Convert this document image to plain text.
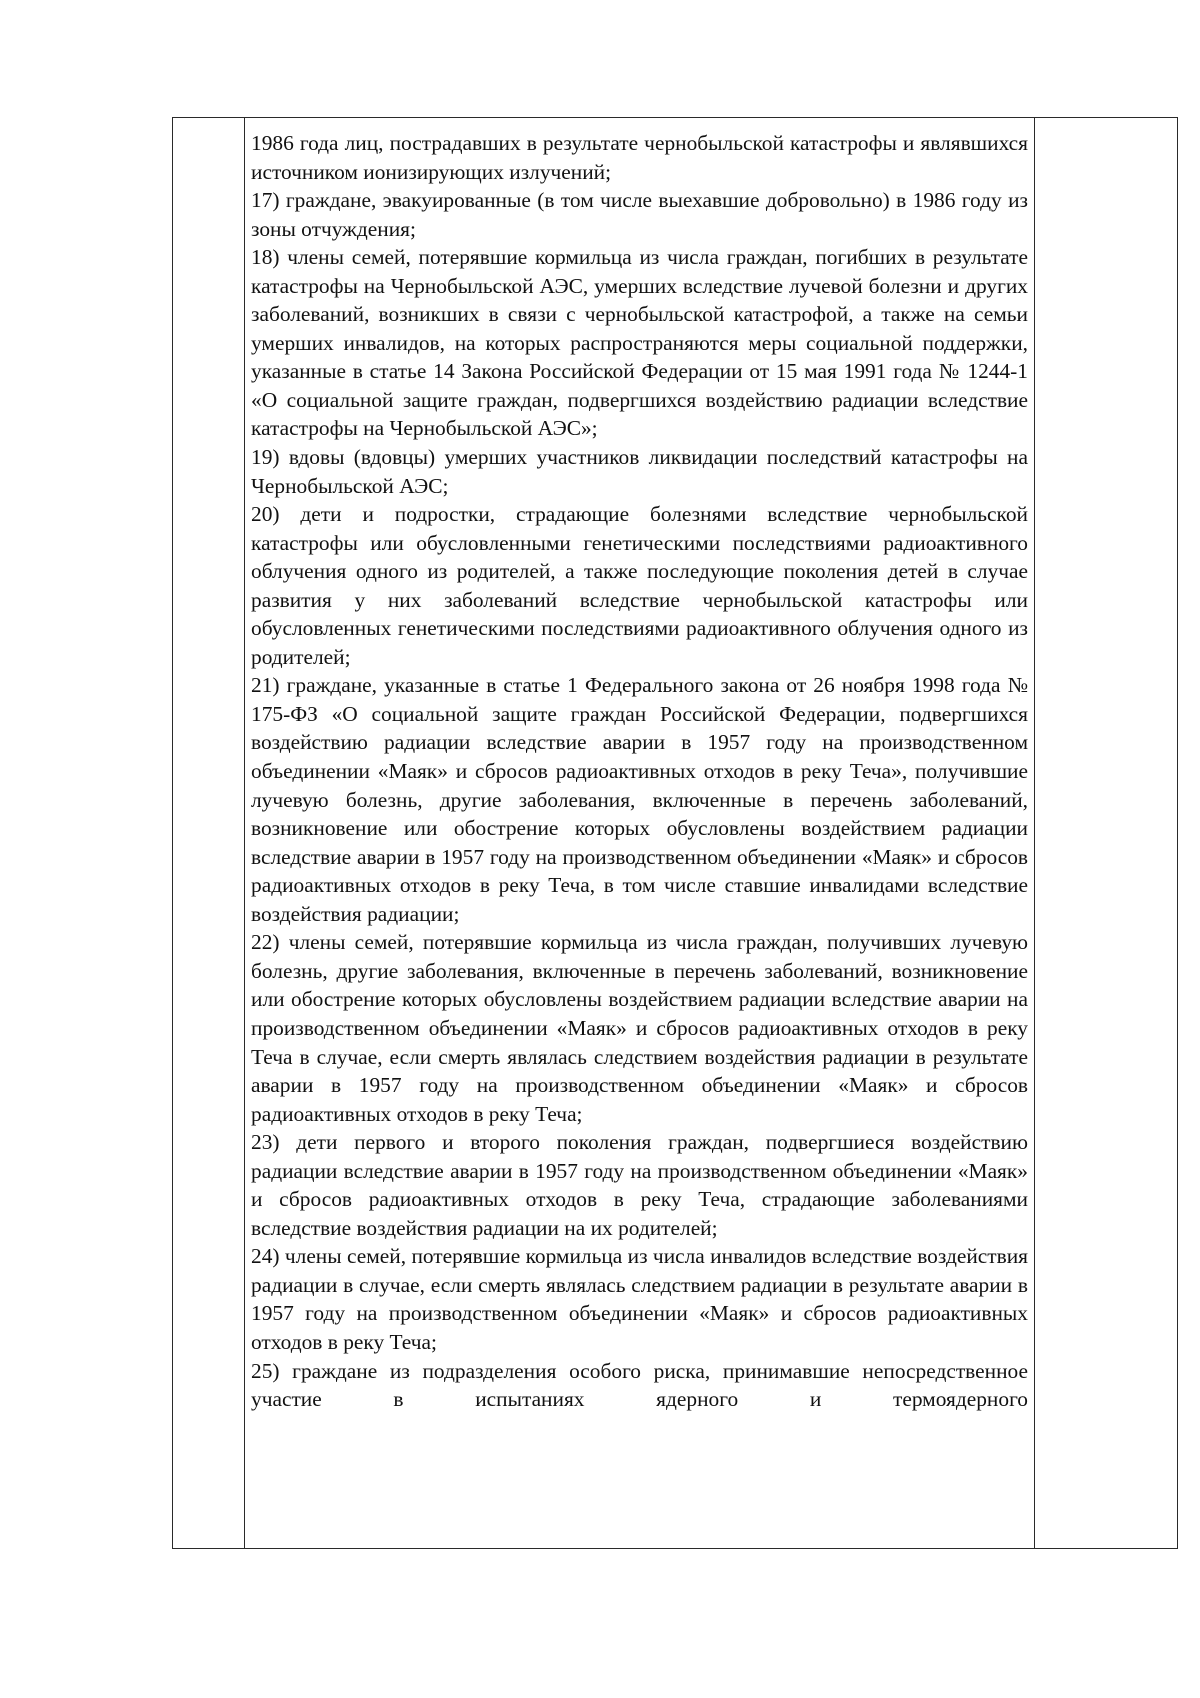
1986 года лиц, пострадавших в результате чернобыльской катастрофы и являвшихся источником ионизирующих излучений;

17) граждане, эвакуированные (в том числе выехавшие добровольно) в 1986 году из зоны отчуждения;

18) члены семей, потерявшие кормильца из числа граждан, погибших в результате катастрофы на Чернобыльской АЭС, умерших вследствие лучевой болезни и других заболеваний, возникших в связи с чернобыльской катастрофой, а также на семьи умерших инвалидов, на которых распространяются меры социальной поддержки, указанные в статье 14 Закона Российской Федерации от 15 мая 1991 года № 1244-1 «О социальной защите граждан, подвергшихся воздействию радиации вследствие катастрофы на Чернобыльской АЭС»;

19) вдовы (вдовцы) умерших участников ликвидации последствий катастрофы на Чернобыльской АЭС;

20) дети и подростки, страдающие болезнями вследствие чернобыльской катастрофы или обусловленными генетическими последствиями радиоактивного облучения одного из родителей, а также последующие поколения детей в случае развития у них заболеваний вследствие чернобыльской катастрофы или обусловленных генетическими последствиями радиоактивного облучения одного из родителей;

21) граждане, указанные в статье 1 Федерального закона от 26 ноября 1998 года № 175-ФЗ «О социальной защите граждан Российской Федерации, подвергшихся воздействию радиации вследствие аварии в 1957 году на производственном объединении «Маяк» и сбросов радиоактивных отходов в реку Теча», получившие лучевую болезнь, другие заболевания, включенные в перечень заболеваний, возникновение или обострение которых обусловлены воздействием радиации вследствие аварии в 1957 году на производственном объединении «Маяк» и сбросов радиоактивных отходов в реку Теча, в том числе ставшие инвалидами вследствие воздействия радиации;

22) члены семей, потерявшие кормильца из числа граждан, получивших лучевую болезнь, другие заболевания, включенные в перечень заболеваний, возникновение или обострение которых обусловлены воздействием радиации вследствие аварии на производственном объединении «Маяк» и сбросов радиоактивных отходов в реку Теча в случае, если смерть являлась следствием воздействия радиации в результате аварии в 1957 году на производственном объединении «Маяк» и сбросов радиоактивных отходов в реку Теча;

23) дети первого и второго поколения граждан, подвергшиеся воздействию радиации вследствие аварии в 1957 году на производственном объединении «Маяк» и сбросов радиоактивных отходов в реку Теча, страдающие заболеваниями вследствие воздействия радиации на их родителей;

24) члены семей, потерявшие кормильца из числа инвалидов вследствие воздействия радиации в случае, если смерть являлась следствием радиации в результате аварии в 1957 году на производственном объединении «Маяк» и сбросов радиоактивных отходов в реку Теча;

25) граждане из подразделения особого риска, принимавшие непосредственное участие в испытаниях ядерного и термоядерного
